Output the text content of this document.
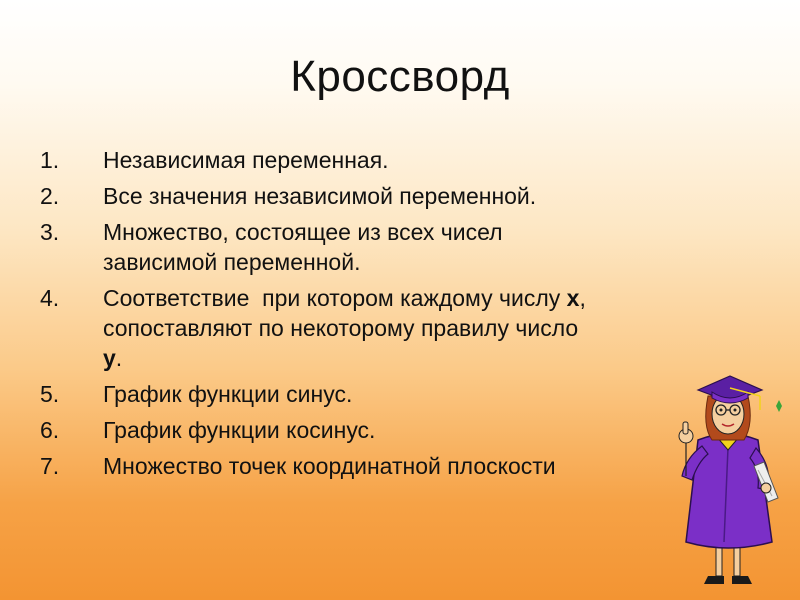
Кроссворд
1.	Независимая переменная.
2.	Все значения независимой переменной.
3.	Множество, состоящее из всех чисел
зависимой переменной.
4.	Соответствие  при котором каждому числу х,
сопоставляют по некоторому правилу число
у.
5.	График функции синус.
6.	График функции косинус.
7.	Множество точек координатной плоскости
